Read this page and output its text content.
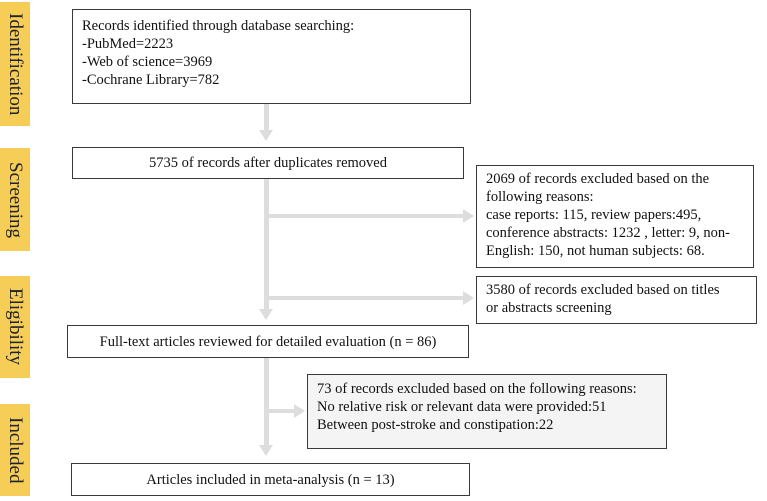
Identification
Screening
Eligibility
Included
Records identified through database searching:
-PubMed=2223
-Web of science=3969
-Cochrane Library=782
5735 of records after duplicates removed
2069 of records excluded based on the
following reasons:
case reports: 115, review papers:495,
conference abstracts: 1232 , letter: 9, non-
English: 150, not human subjects: 68.
3580 of records excluded based on titles
or abstracts screening
Full-text articles reviewed for detailed evaluation (n = 86)
73 of records excluded based on the following reasons:
No relative risk or relevant data were provided:51
Between post-stroke and constipation:22
Articles included in meta-analysis (n = 13)
